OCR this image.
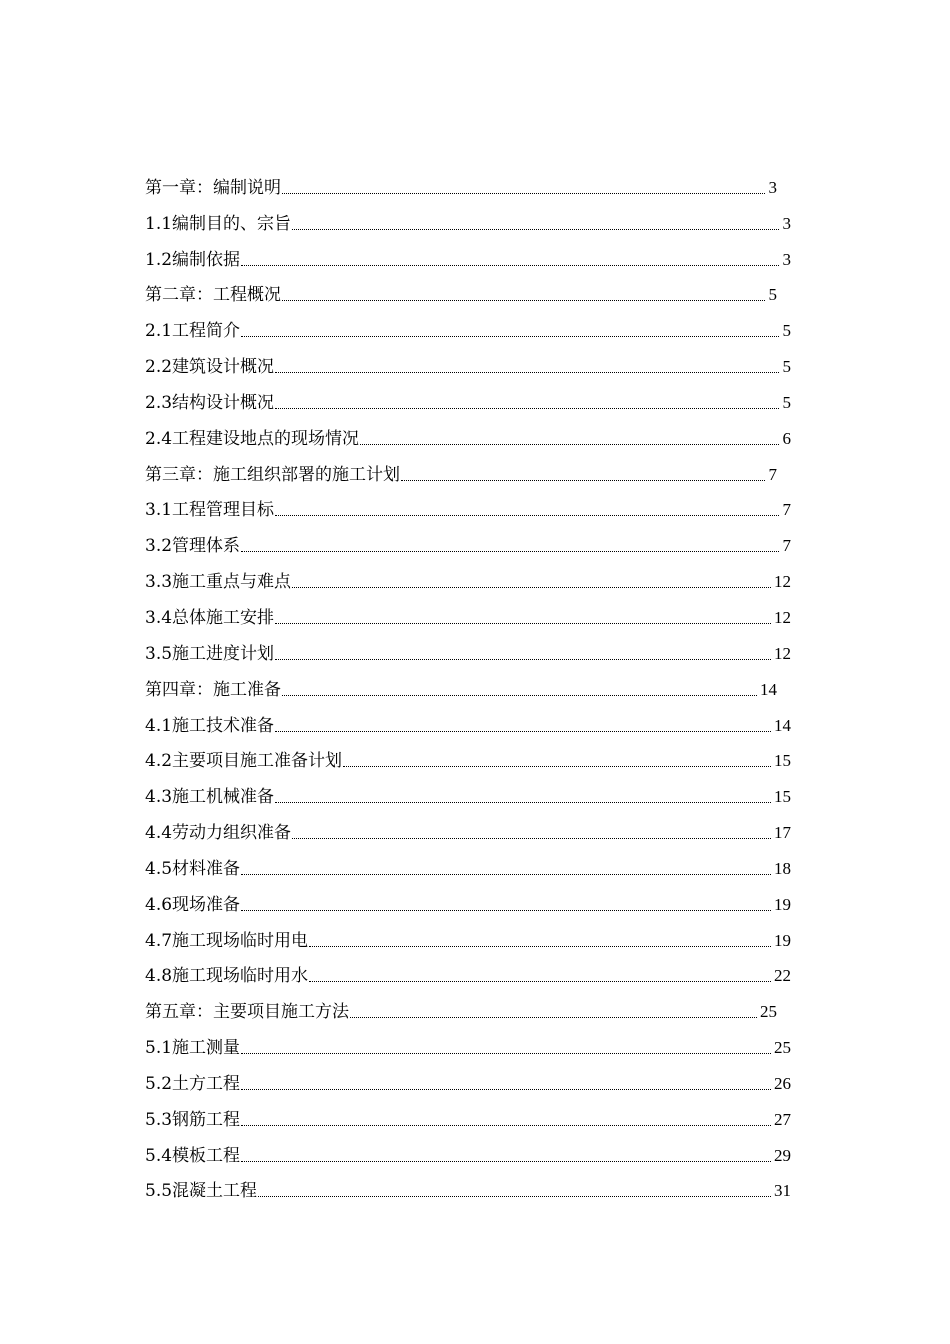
第一章：编制说明	3
1.1编制目的、宗旨	3
1.2编制依据	3
第二章：工程概况	5
2.1工程简介	5
2.2建筑设计概况	5
2.3结构设计概况	5
2.4工程建设地点的现场情况	6
第三章：施工组织部署的施工计划	7
3.1工程管理目标	7
3.2管理体系	7
3.3施工重点与难点	12
3.4总体施工安排	12
3.5施工进度计划	12
第四章：施工准备	14
4.1施工技术准备	14
4.2主要项目施工准备计划	15
4.3施工机械准备	15
4.4劳动力组织准备	17
4.5材料准备	18
4.6现场准备	19
4.7施工现场临时用电	19
4.8施工现场临时用水	22
第五章：主要项目施工方法	25
5.1施工测量	25
5.2土方工程	26
5.3钢筋工程	27
5.4模板工程	29
5.5混凝土工程	31
